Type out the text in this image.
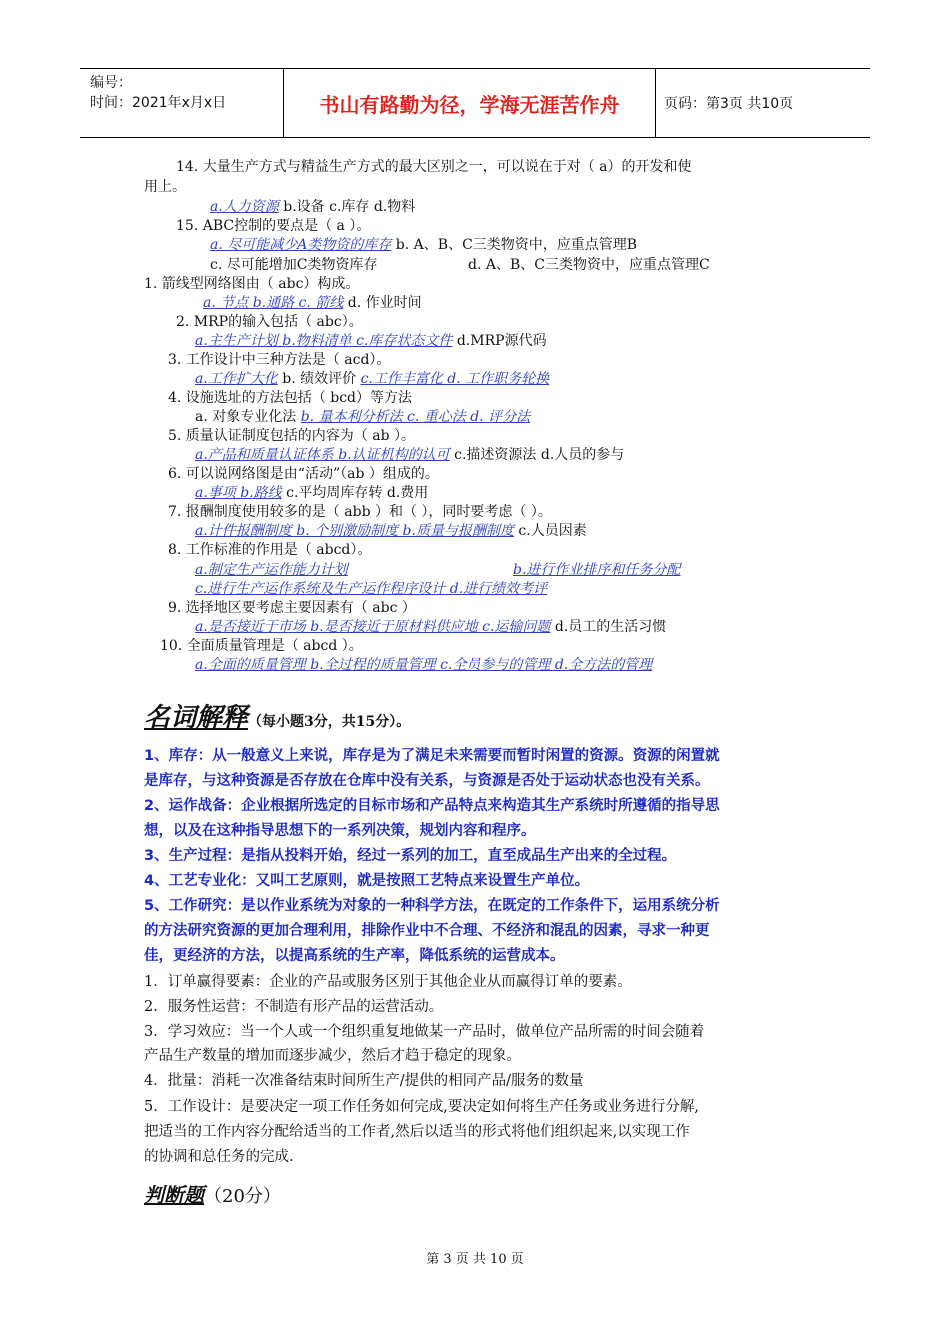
编号：
时间：2021年x月x日	书山有路勤为径，学海无涯苦作舟	页码：第3页 共10页
14. 大量生产方式与精益生产方式的最大区别之一，可以说在于对（ a）的开发和使
用上。
a.人力资源 b.设备 c.库存 d.物料
15. ABC控制的要点是（ a ）。
a. 尽可能减少A类物资的库存 b. A、B、C三类物资中，应重点管理B
c. 尽可能增加C类物资库存	d. A、B、C三类物资中，应重点管理C
1. 箭线型网络图由（ abc）构成。
a. 节点 b.通路 c. 箭线 d. 作业时间
2. MRP的输入包括（ abc）。
a.主生产计划 b.物料清单 c.库存状态文件 d.MRP源代码
3. 工作设计中三种方法是（ acd）。
a.工作扩大化 b. 绩效评价 c.工作丰富化 d. 工作职务轮换
4. 设施选址的方法包括（ bcd）等方法
a. 对象专业化法 b. 量本利分析法 c. 重心法 d. 评分法
5. 质量认证制度包括的内容为（ ab ）。
a.产品和质量认证体系 b.认证机构的认可 c.描述资源法 d.人员的参与
6. 可以说网络图是由“活动”（ab ）组成的。
a.事项 b.路线 c.平均周库存转 d.费用
7. 报酬制度使用较多的是（ abb ）和（ ），同时要考虑（ ）。
a.计件报酬制度 b. 个别激励制度 b.质量与报酬制度 c.人员因素
8. 工作标准的作用是（ abcd）。
a.制定生产运作能力计划	b.进行作业排序和任务分配
c.进行生产运作系统及生产运作程序设计 d.进行绩效考评
9. 选择地区要考虑主要因素有（ abc ）
a.是否接近于市场 b.是否接近于原材料供应地 c.运输问题 d.员工的生活习惯
10. 全面质量管理是（ abcd ）。
a.全面的质量管理 b.全过程的质量管理 c.全员参与的管理 d.全方法的管理
名词解释（每小题3分，共15分）。
1、库存：从一般意义上来说，库存是为了满足未来需要而暂时闲置的资源。资源的闲置就
是库存，与这种资源是否存放在仓库中没有关系，与资源是否处于运动状态也没有关系。
2、运作战备：企业根据所选定的目标市场和产品特点来构造其生产系统时所遵循的指导思
想，以及在这种指导思想下的一系列决策，规划内容和程序。
3、生产过程：是指从投料开始，经过一系列的加工，直至成品生产出来的全过程。
4、工艺专业化：又叫工艺原则，就是按照工艺特点来设置生产单位。
5、工作研究：是以作业系统为对象的一种科学方法，在既定的工作条件下，运用系统分析
的方法研究资源的更加合理利用，排除作业中不合理、不经济和混乱的因素，寻求一种更
佳，更经济的方法，以提高系统的生产率，降低系统的运营成本。
1．订单赢得要素：企业的产品或服务区别于其他企业从而赢得订单的要素。
2．服务性运营：不制造有形产品的运营活动。
3．学习效应：当一个人或一个组织重复地做某一产品时，做单位产品所需的时间会随着
产品生产数量的增加而逐步减少，然后才趋于稳定的现象。
4．批量：消耗一次准备结束时间所生产/提供的相同产品/服务的数量
5．工作设计：是要决定一项工作任务如何完成,要决定如何将生产任务或业务进行分解,
把适当的工作内容分配给适当的工作者,然后以适当的形式将他们组织起来,以实现工作
的协调和总任务的完成.
判断题（20分）
第 3 页 共 10 页
